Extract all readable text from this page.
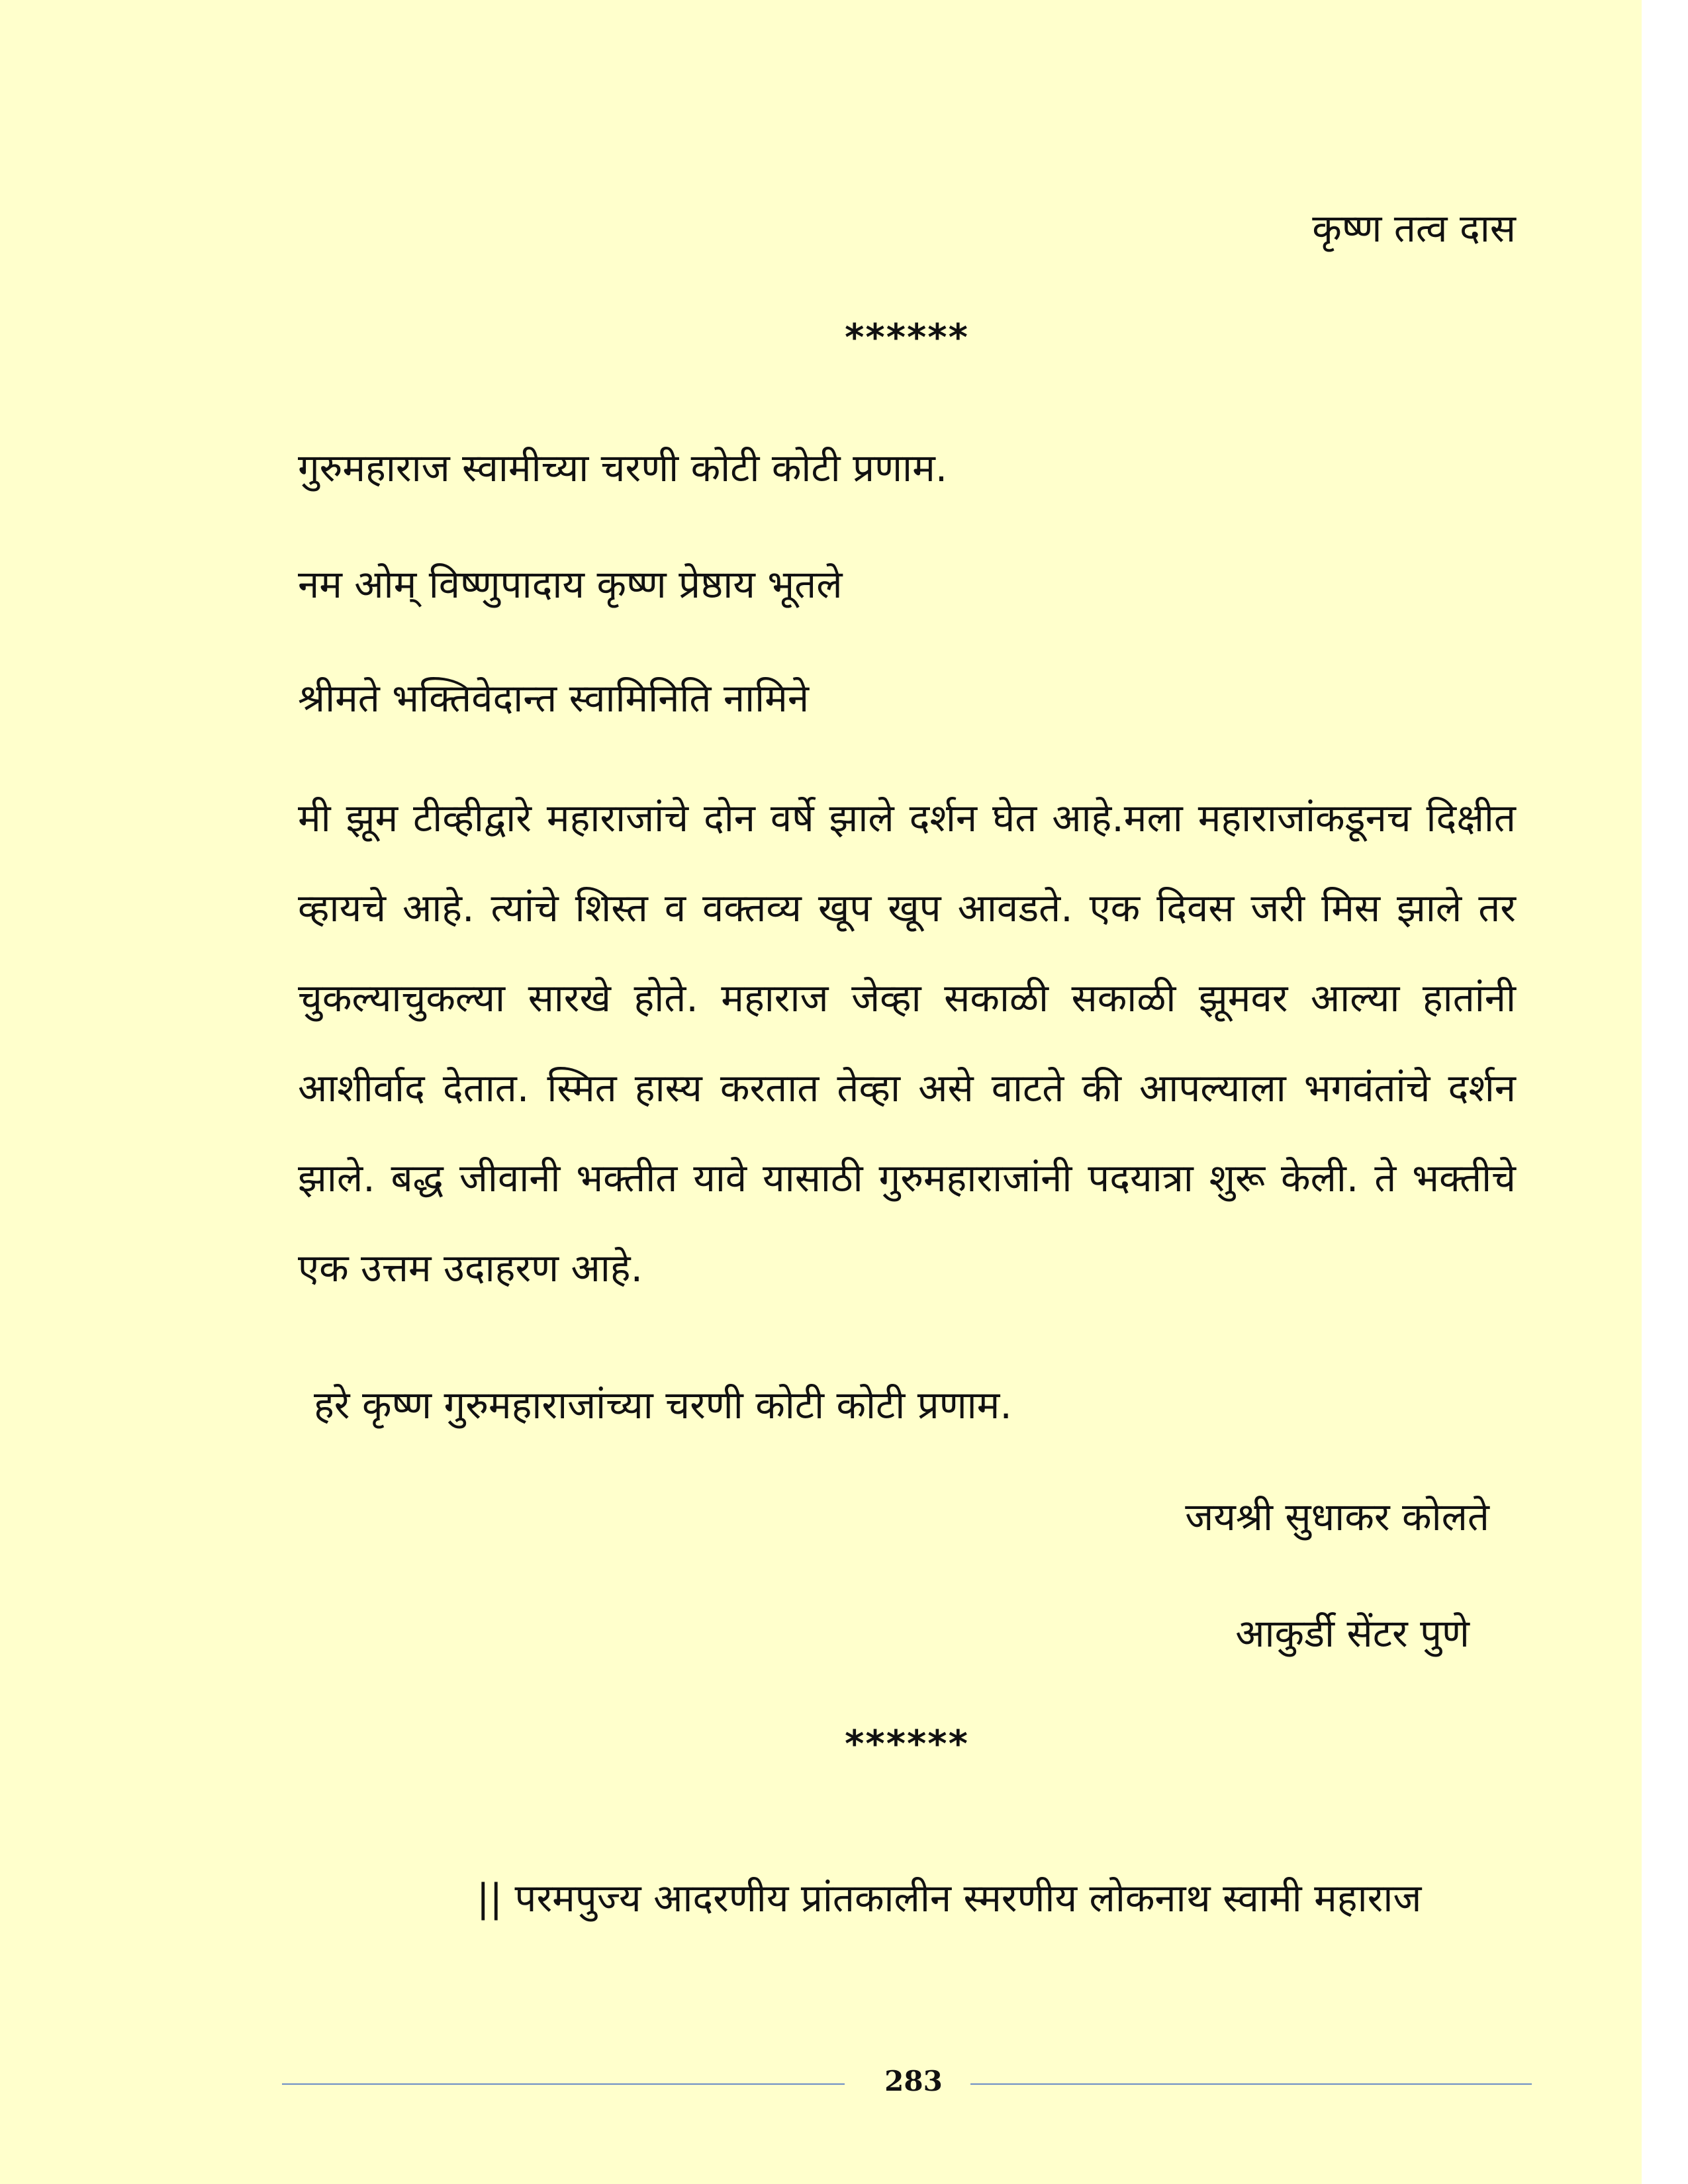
कृष्ण तत्व दास
******
गुरुमहाराज स्वामीच्या चरणी कोटी कोटी प्रणाम.
नम ओम् विष्णुपादाय कृष्ण प्रेष्ठाय भूतले
श्रीमते भक्तिवेदान्त स्वामिनिति नामिने

मी झूम टीव्हीद्वारे महाराजांचे दोन वर्षे झाले दर्शन घेत आहे.मला महाराजांकडूनच दिक्षीत व्हायचे आहे. त्यांचे शिस्त व वक्तव्य खूप खूप आवडते. एक दिवस जरी मिस झाले तर चुकल्याचुकल्या सारखे होते. महाराज जेव्हा सकाळी सकाळी झूमवर आल्या हातांनी आशीर्वाद देतात. स्मित हास्य करतात तेव्हा असे वाटते की आपल्याला भगवंतांचे दर्शन झाले. बद्ध जीवानी भक्तीत यावे यासाठी गुरुमहाराजांनी पदयात्रा शुरू केली. ते भक्तीचे एक उत्तम उदाहरण आहे.

हरे कृष्ण गुरुमहाराजांच्या चरणी कोटी कोटी प्रणाम.
जयश्री सुधाकर कोलते
आकुर्डी सेंटर पुणे
******
|| परमपुज्य आदरणीय प्रांतकालीन स्मरणीय लोकनाथ स्वामी महाराज
283
